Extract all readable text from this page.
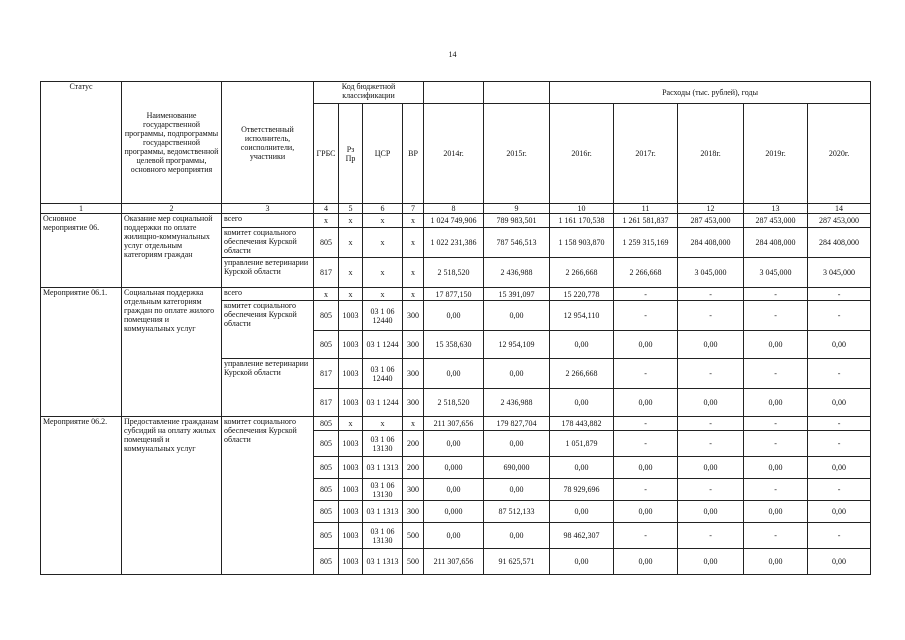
14
Статус	Наименование государственной программы, подпрограммы государственной программы, ведомственной целевой программы, основного мероприятия	Ответственный исполнитель, соисполнители, участники	Код бюджетной классификации						Расходы (тыс. рублей), годы				
			ГРБС	Рз Пр	ЦСР	ВР	2014г.	2015г.	2016г.	2017г.	2018г.	2019г.	2020г.
1	2	3	4	5	6	7	8	9	10	11	12	13	14
Основное мероприятие 06.	Оказание мер социальной поддержки по оплате жилищно-коммунальных услуг отдельным категориям граждан	всего	x	x	x	x	1 024 749,906	789 983,501	1 161 170,538	1 261 581,837	287 453,000	287 453,000	287 453,000
		комитет социального обеспечения Курской области	805	x	x	x	1 022 231,386	787 546,513	1 158 903,870	1 259 315,169	284 408,000	284 408,000	284 408,000
		управление ветеринарии Курской области	817	x	x	x	2 518,520	2 436,988	2 266,668	2 266,668	3 045,000	3 045,000	3 045,000
Мероприятие 06.1.	Социальная поддержка отдельным категориям граждан по оплате жилого помещения и коммунальных услуг	всего	x	x	x	x	17 877,150	15 391,097	15 220,778	-	-	-	-
		комитет социального обеспечения Курской области	805	1003	03 1 06 12440	300	0,00	0,00	12 954,110	-	-	-	-
			805	1003	03 1 1244	300	15 358,630	12 954,109	0,00	0,00	0,00	0,00	0,00
		управление ветеринарии Курской области	817	1003	03 1 06 12440	300	0,00	0,00	2 266,668	-	-	-	-
			817	1003	03 1 1244	300	2 518,520	2 436,988	0,00	0,00	0,00	0,00	0,00
Мероприятие 06.2.	Предоставление гражданам субсидий на оплату жилых помещений и коммунальных услуг	комитет социального обеспечения Курской области	805	x	x	x	211 307,656	179 827,704	178 443,882	-	-	-	-
			805	1003	03 1 06 13130	200	0,00	0,00	1 051,879	-	-	-	-
			805	1003	03 1 1313	200	0,000	690,000	0,00	0,00	0,00	0,00	0,00
			805	1003	03 1 06 13130	300	0,00	0,00	78 929,696	-	-	-	-
			805	1003	03 1 1313	300	0,000	87 512,133	0,00	0,00	0,00	0,00	0,00
			805	1003	03 1 06 13130	500	0,00	0,00	98 462,307	-	-	-	-
			805	1003	03 1 1313	500	211 307,656	91 625,571	0,00	0,00	0,00	0,00	0,00
